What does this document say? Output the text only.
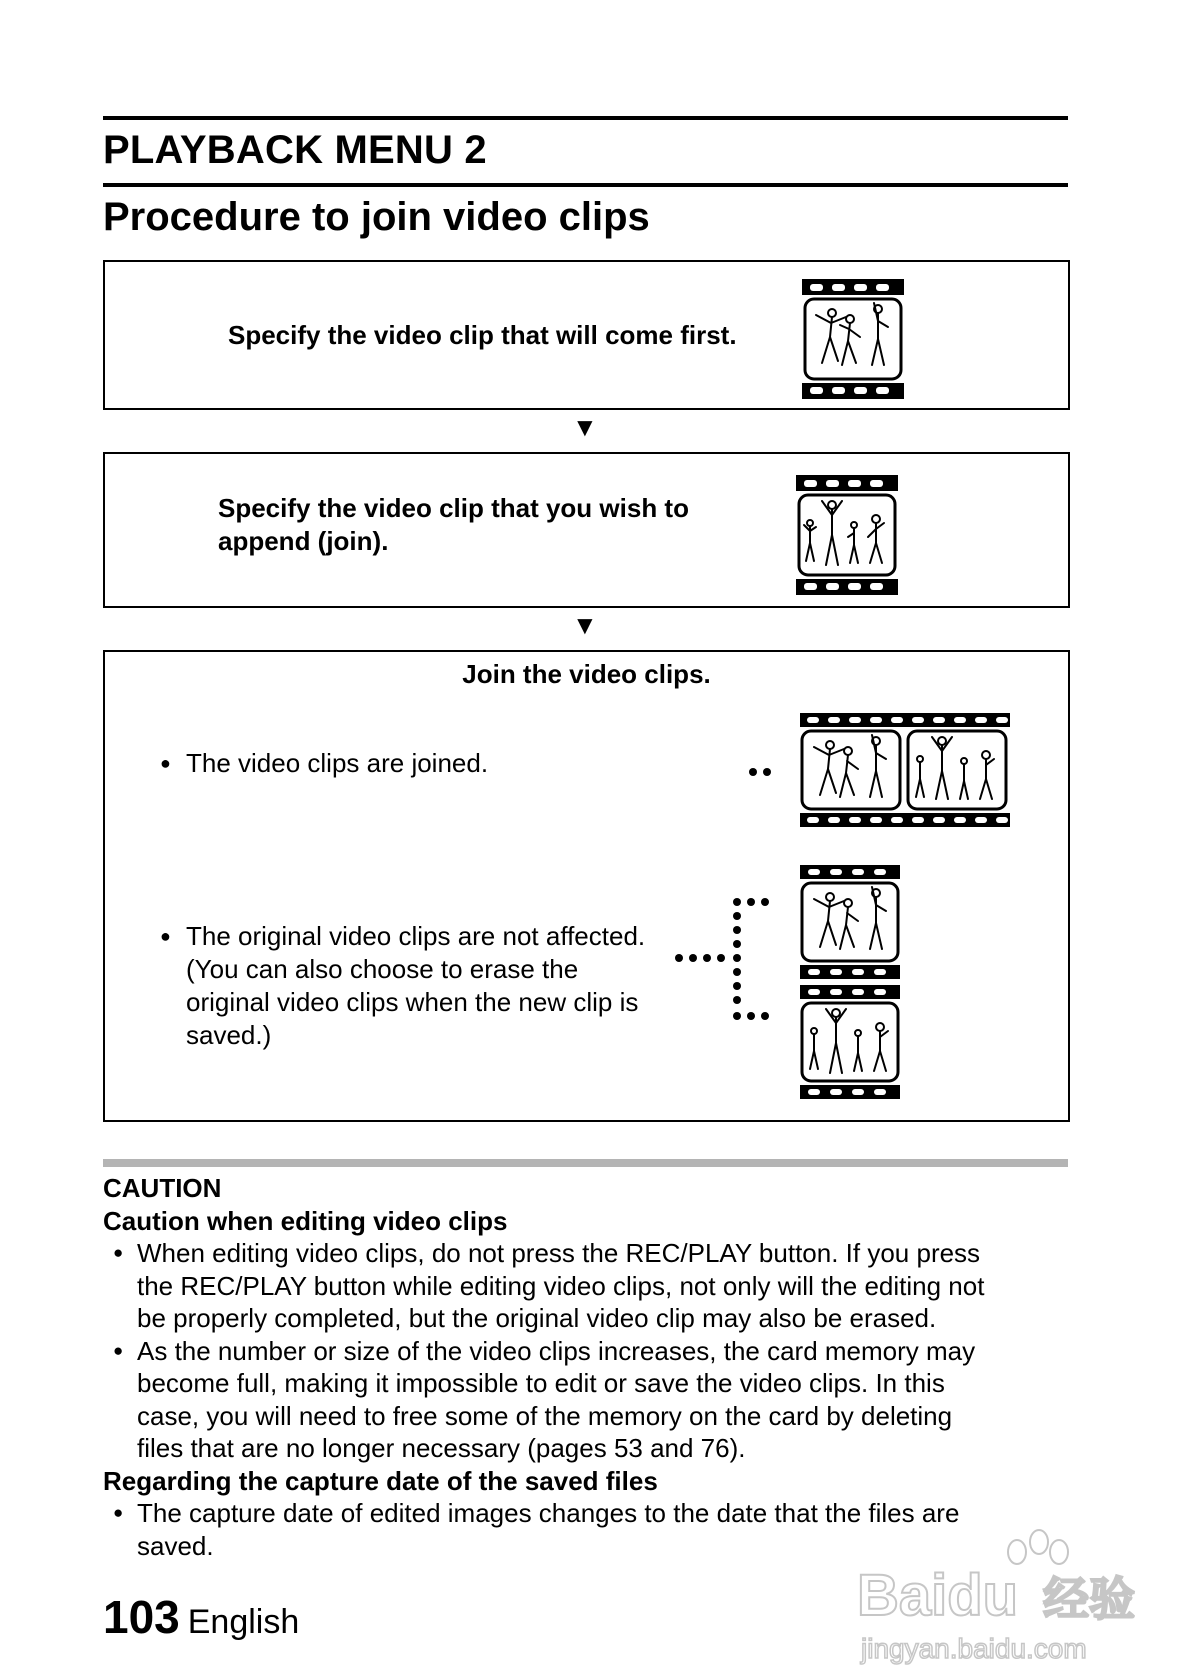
PLAYBACK MENU 2
Procedure to join video clips
Specify the video clip that will come first.
▼
Specify the video clip that you wish to
append (join).
▼
Join the video clips.
● The video clips are joined.
● The original video clips are not affected.
(You can also choose to erase the
original video clips when the new clip is
saved.)
CAUTION
Caution when editing video clips
● When editing video clips, do not press the REC/PLAY button. If you press
the REC/PLAY button while editing video clips, not only will the editing not
be properly completed, but the original video clip may also be erased.
● As the number or size of the video clips increases, the card memory may
become full, making it impossible to edit or save the video clips. In this
case, you will need to free some of the memory on the card by deleting
files that are no longer necessary (pages 53 and 76).
Regarding the capture date of the saved files
● The capture date of edited images changes to the date that the files are
saved.
103 English	Baidu 经验
jingyan.baidu.com
